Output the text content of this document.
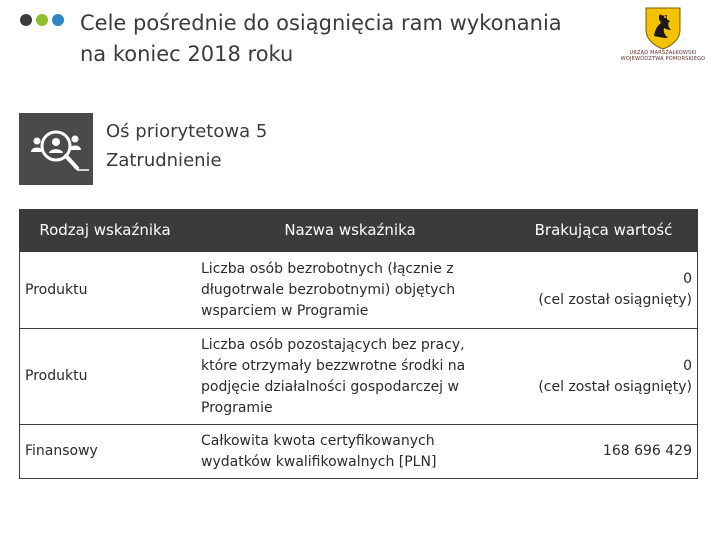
Cele pośrednie do osiągnięcia ram wykonania
na koniec 2018 roku	URZĄD MARSZAŁKOWSKI
WOJEWÓDZTWA POMORSKIEGO
Oś priorytetowa 5
Zatrudnienie
Rodzaj wskaźnika	Nazwa wskaźnika	Brakująca wartość
Produktu	Liczba osób bezrobotnych (łącznie z długotrwale bezrobotnymi) objętych wsparciem w Programie	0
(cel został osiągnięty)

Produktu	Liczba osób pozostających bez pracy, które otrzymały bezzwrotne środki na podjęcie działalności gospodarczej w Programie	0
(cel został osiągnięty)

Finansowy	Całkowita kwota certyfikowanych wydatków kwalifikowalnych [PLN]	168 696 429
